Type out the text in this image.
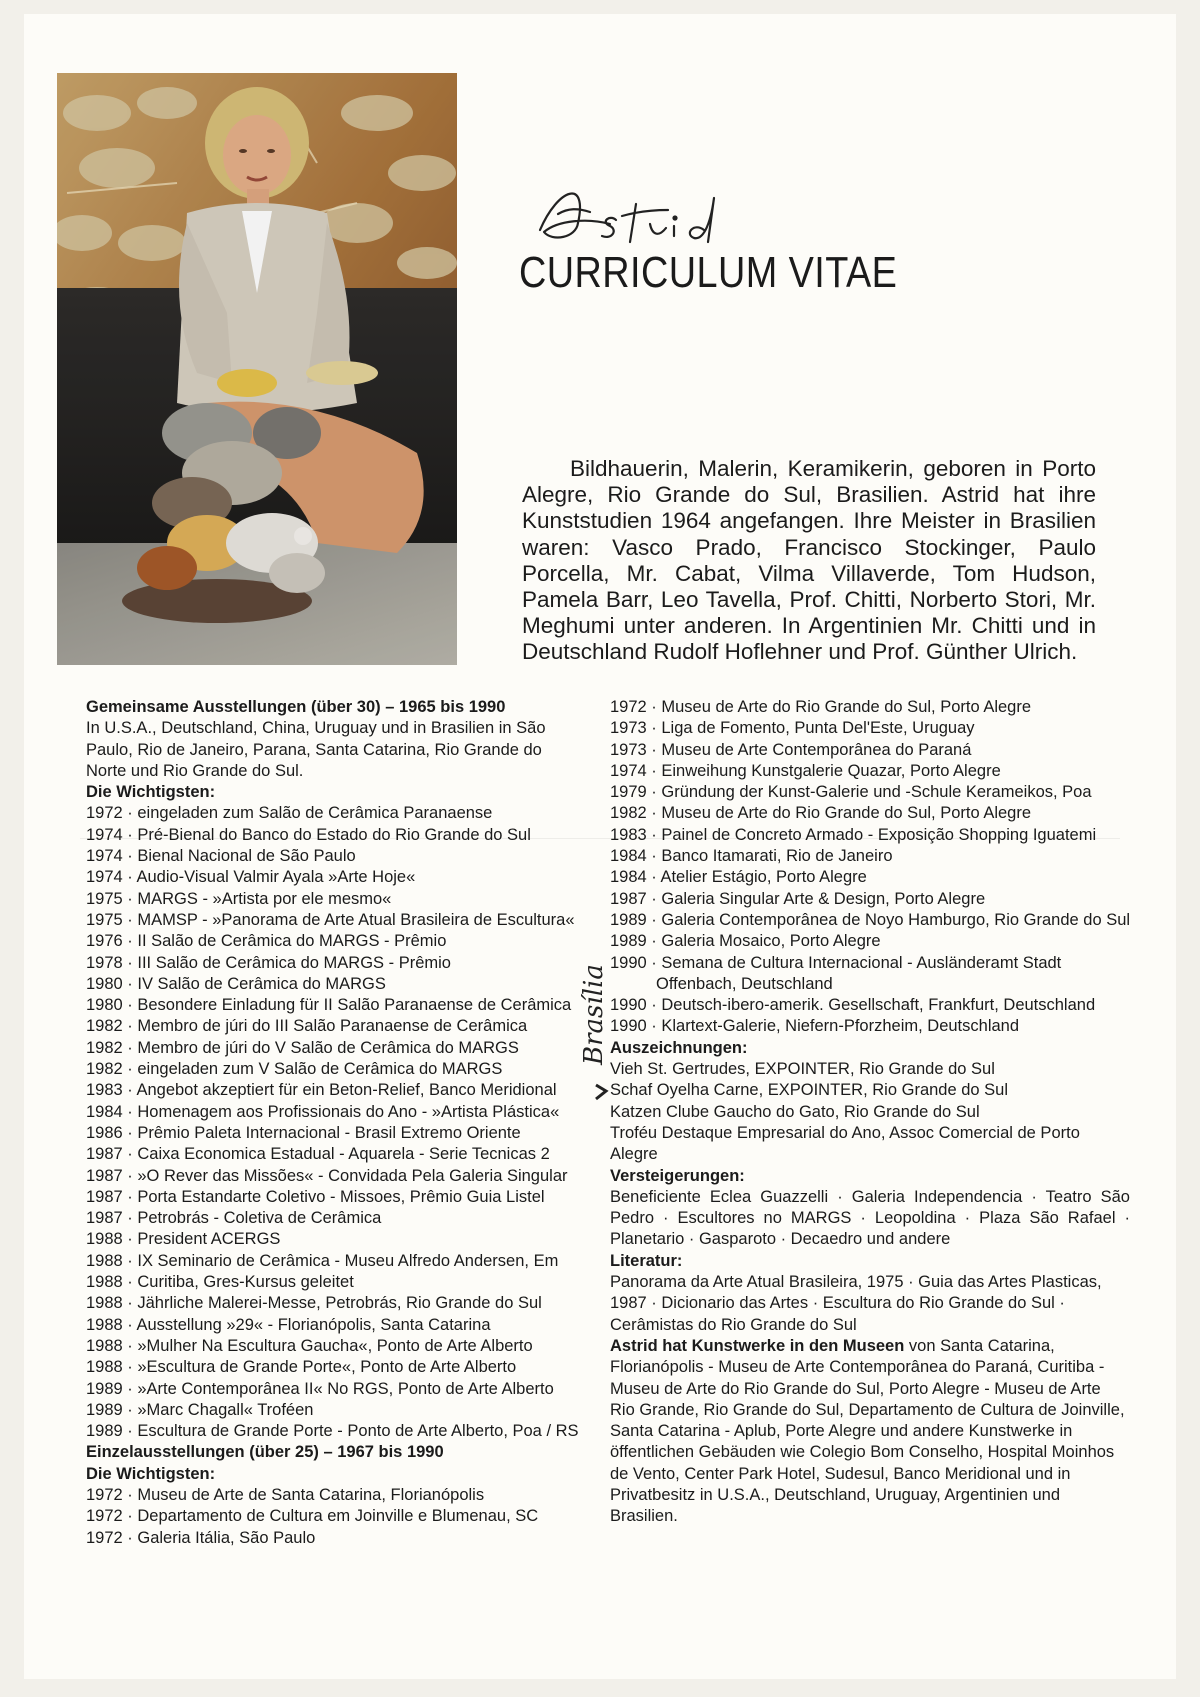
CURRICULUM VITAE

Bildhauerin, Malerin, Keramikerin, geboren in Porto Alegre, Rio Grande do Sul, Brasilien. Astrid hat ihre Kunststudien 1964 angefangen. Ihre Meister in Brasilien waren: Vasco Prado, Francisco Stockinger, Paulo Porcella, Mr. Cabat, Vilma Villaverde, Tom Hudson, Pamela Barr, Leo Tavella, Prof. Chitti, Norberto Stori, Mr. Meghumi unter anderen. In Argentinien Mr. Chitti und in Deutschland Rudolf Hoflehner und Prof. Günther Ulrich.

Brasília
Gemeinsame Ausstellungen (über 30) – 1965 bis 1990
In U.S.A., Deutschland, China, Uruguay und in Brasilien in São Paulo, Rio de Janeiro, Parana, Santa Catarina, Rio Grande do Norte und Rio Grande do Sul.
Die Wichtigsten:
1972 · eingeladen zum Salão de Cerâmica Paranaense
1974 · Pré-Bienal do Banco do Estado do Rio Grande do Sul
1974 · Bienal Nacional de São Paulo
1974 · Audio-Visual Valmir Ayala »Arte Hoje«
1975 · MARGS - »Artista por ele mesmo«
1975 · MAMSP - »Panorama de Arte Atual Brasileira de Escultura«
1976 · II Salão de Cerâmica do MARGS - Prêmio
1978 · III Salão de Cerâmica do MARGS - Prêmio
1980 · IV Salão de Cerâmica do MARGS
1980 · Besondere Einladung für II Salão Paranaense de Cerâmica
1982 · Membro de júri do III Salão Paranaense de Cerâmica
1982 · Membro de júri do V Salão de Cerâmica do MARGS
1982 · eingeladen zum V Salão de Cerâmica do MARGS
1983 · Angebot akzeptiert für ein Beton-Relief, Banco Meridional
1984 · Homenagem aos Profissionais do Ano - »Artista Plástica«
1986 · Prêmio Paleta Internacional - Brasil Extremo Oriente
1987 · Caixa Economica Estadual - Aquarela - Serie Tecnicas 2
1987 · »O Rever das Missões« - Convidada Pela Galeria Singular
1987 · Porta Estandarte Coletivo - Missoes, Prêmio Guia Listel
1987 · Petrobrás - Coletiva de Cerâmica
1988 · President ACERGS
1988 · IX Seminario de Cerâmica - Museu Alfredo Andersen, Em
1988 · Curitiba, Gres-Kursus geleitet
1988 · Jährliche Malerei-Messe, Petrobrás, Rio Grande do Sul
1988 · Ausstellung »29« - Florianópolis, Santa Catarina
1988 · »Mulher Na Escultura Gaucha«, Ponto de Arte Alberto
1988 · »Escultura de Grande Porte«, Ponto de Arte Alberto
1989 · »Arte Contemporânea II« No RGS, Ponto de Arte Alberto
1989 · »Marc Chagall« Troféen
1989 · Escultura de Grande Porte - Ponto de Arte Alberto, Poa / RS
Einzelausstellungen (über 25) – 1967 bis 1990
Die Wichtigsten:
1972 · Museu de Arte de Santa Catarina, Florianópolis
1972 · Departamento de Cultura em Joinville e Blumenau, SC
1972 · Galeria Itália, São Paulo
1972 · Museu de Arte do Rio Grande do Sul, Porto Alegre
1973 · Liga de Fomento, Punta Del'Este, Uruguay
1973 · Museu de Arte Contemporânea do Paraná
1974 · Einweihung Kunstgalerie Quazar, Porto Alegre
1979 · Gründung der Kunst-Galerie und -Schule Kerameikos, Poa
1982 · Museu de Arte do Rio Grande do Sul, Porto Alegre
1983 · Painel de Concreto Armado - Exposição Shopping Iguatemi
1984 · Banco Itamarati, Rio de Janeiro
1984 · Atelier Estágio, Porto Alegre
1987 · Galeria Singular Arte & Design, Porto Alegre
1989 · Galeria Contemporânea de Noyo Hamburgo, Rio Grande do Sul
1989 · Galeria Mosaico, Porto Alegre
1990 · Semana de Cultura Internacional - Ausländeramt Stadt
Offenbach, Deutschland
1990 · Deutsch-ibero-amerik. Gesellschaft, Frankfurt, Deutschland
1990 · Klartext-Galerie, Niefern-Pforzheim, Deutschland
Auszeichnungen:
Vieh St. Gertrudes, EXPOINTER, Rio Grande do Sul
Schaf Oyelha Carne, EXPOINTER, Rio Grande do Sul
Katzen Clube Gaucho do Gato, Rio Grande do Sul
Troféu Destaque Empresarial do Ano, Assoc Comercial de Porto Alegre
Versteigerungen:
Beneficiente Eclea Guazzelli · Galeria Independencia · Teatro São Pedro · Escultores no MARGS · Leopoldina · Plaza São Rafael · Planetario · Gasparoto · Decaedro und andere
Literatur:
Panorama da Arte Atual Brasileira, 1975 · Guia das Artes Plasticas, 1987 · Dicionario das Artes · Escultura do Rio Grande do Sul · Cerâmistas do Rio Grande do Sul
Astrid hat Kunstwerke in den Museen von Santa Catarina, Florianópolis - Museu de Arte Contemporânea do Paraná, Curitiba - Museu de Arte do Rio Grande do Sul, Porto Alegre - Museu de Arte Rio Grande, Rio Grande do Sul, Departamento de Cultura de Joinville, Santa Catarina - Aplub, Porte Alegre und andere Kunstwerke in öffentlichen Gebäuden wie Colegio Bom Conselho, Hospital Moinhos de Vento, Center Park Hotel, Sudesul, Banco Meridional und in Privatbesitz in U.S.A., Deutschland, Uruguay, Argentinien und Brasilien.
